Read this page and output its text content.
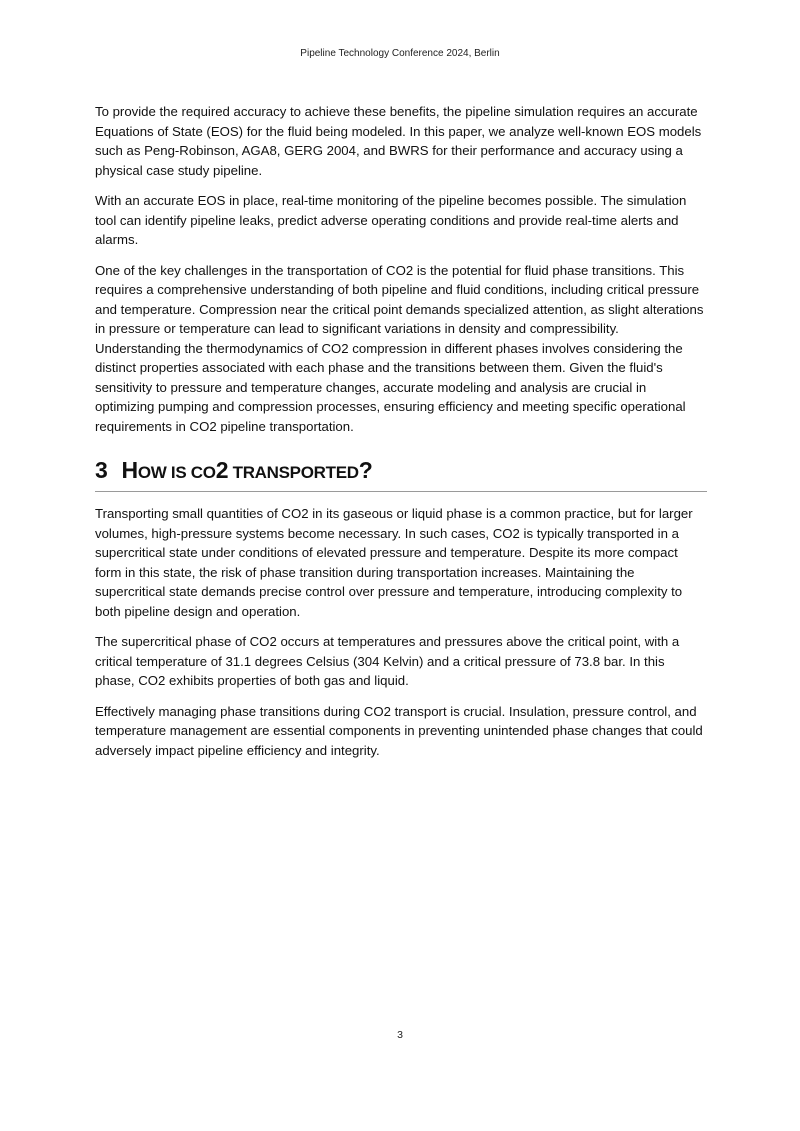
Pipeline Technology Conference 2024, Berlin

To provide the required accuracy to achieve these benefits, the pipeline simulation requires an accurate Equations of State (EOS) for the fluid being modeled. In this paper, we analyze well-known EOS models such as Peng-Robinson, AGA8, GERG 2004, and BWRS for their performance and accuracy using a physical case study pipeline.

With an accurate EOS in place, real-time monitoring of the pipeline becomes possible. The simulation tool can identify pipeline leaks, predict adverse operating conditions and provide real-time alerts and alarms.

One of the key challenges in the transportation of CO2 is the potential for fluid phase transitions. This requires a comprehensive understanding of both pipeline and fluid conditions, including critical pressure and temperature. Compression near the critical point demands specialized attention, as slight alterations in pressure or temperature can lead to significant variations in density and compressibility. Understanding the thermodynamics of CO2 compression in different phases involves considering the distinct properties associated with each phase and the transitions between them. Given the fluid's sensitivity to pressure and temperature changes, accurate modeling and analysis are crucial in optimizing pumping and compression processes, ensuring efficiency and meeting specific operational requirements in CO2 pipeline transportation.

3 HOW IS CO2 TRANSPORTED?

Transporting small quantities of CO2 in its gaseous or liquid phase is a common practice, but for larger volumes, high-pressure systems become necessary. In such cases, CO2 is typically transported in a supercritical state under conditions of elevated pressure and temperature. Despite its more compact form in this state, the risk of phase transition during transportation increases. Maintaining the supercritical state demands precise control over pressure and temperature, introducing complexity to both pipeline design and operation.

The supercritical phase of CO2 occurs at temperatures and pressures above the critical point, with a critical temperature of 31.1 degrees Celsius (304 Kelvin) and a critical pressure of 73.8 bar. In this phase, CO2 exhibits properties of both gas and liquid.

Effectively managing phase transitions during CO2 transport is crucial. Insulation, pressure control, and temperature management are essential components in preventing unintended phase changes that could adversely impact pipeline efficiency and integrity.

3
